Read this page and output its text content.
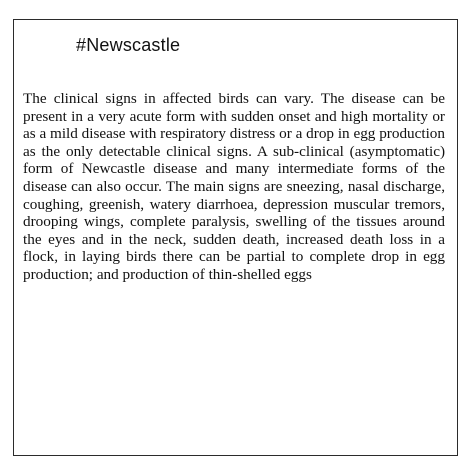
#Newscastle

The clinical signs in affected birds can vary. The disease can be present in a very acute form with sudden onset and high mortality or as a mild disease with respiratory distress or a drop in egg production as the only detectable clinical signs. A sub-clinical (asymptomatic) form of Newcastle disease and many intermediate forms of the disease can also occur. The main signs are sneezing, nasal discharge, coughing, greenish, watery diarrhoea, depression muscular tremors, drooping wings, complete paralysis, swelling of the tissues around the eyes and in the neck, sudden death, increased death loss in a flock, in laying birds there can be partial to complete drop in egg production; and production of thin-shelled eggs
